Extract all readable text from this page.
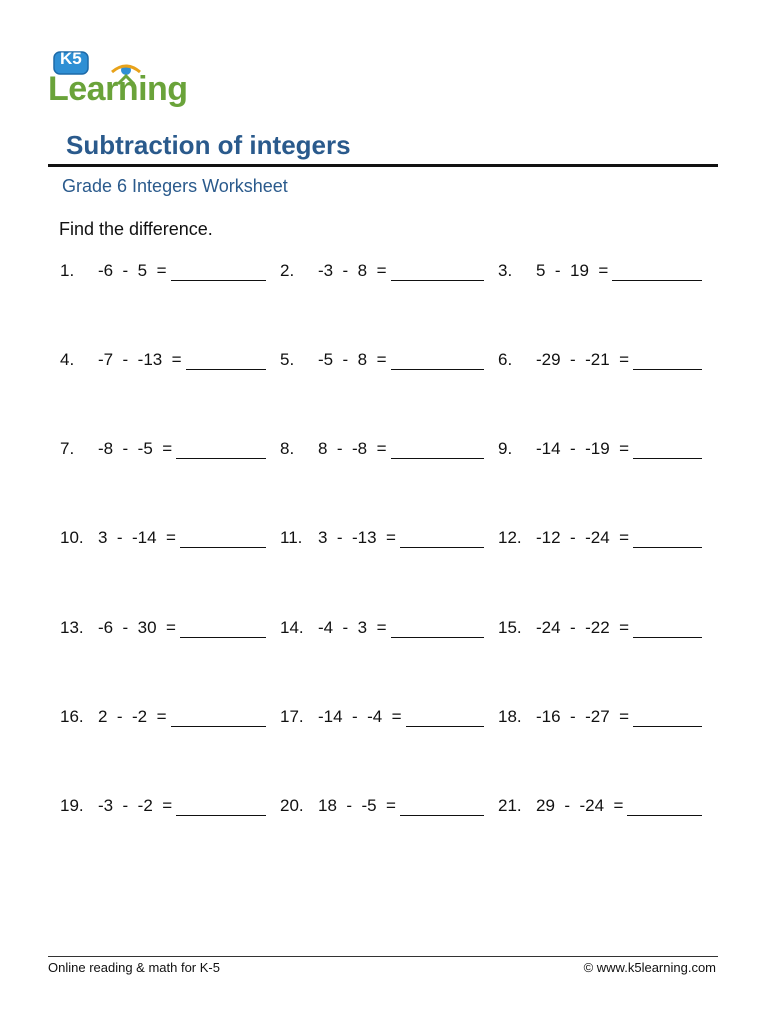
K5
Learning
Subtraction of integers
Grade 6 Integers Worksheet
Find the difference.
1.	-6  -  5  =	2.	-3  -  8  =	3.	5  -  19  =
4.	-7  -  -13  =	5.	-5  -  8  =	6.	-29  -  -21  =
7.	-8  -  -5  =	8.	8  -  -8  =	9.	-14  -  -19  =
10. 3  -  -14  =	11. 3  -  -13  =	12. -12  -  -24  =
13. -6  -  30  =	14. -4  -  3  =	15. -24  -  -22  =
16. 2  -  -2  =	17. -14  -  -4  =	18. -16  -  -27  =
19. -3  -  -2  =	20. 18  -  -5  =	21. 29  -  -24  =
Online reading & math for K-5	© www.k5learning.com
